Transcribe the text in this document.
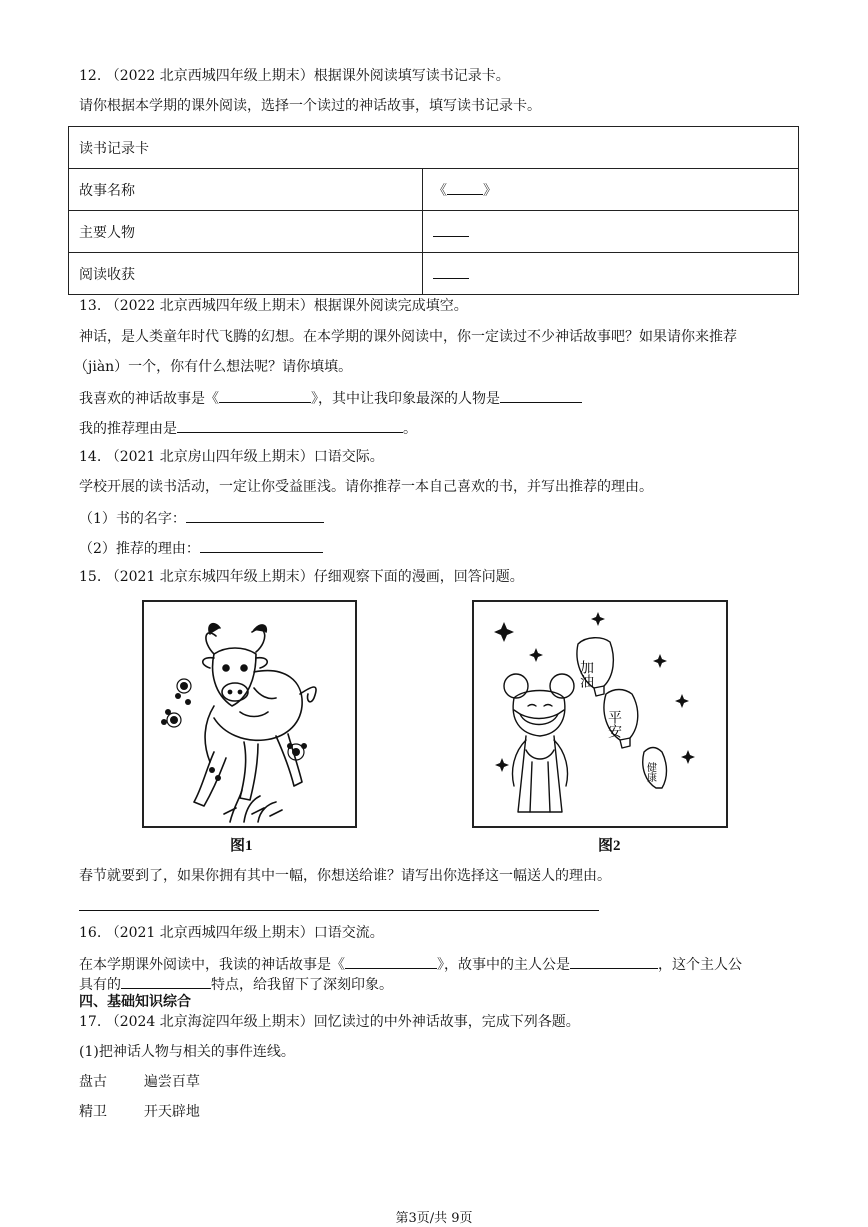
12. （2022 北京西城四年级上期末）根据课外阅读填写读书记录卡。
请你根据本学期的课外阅读，选择一个读过的神话故事，填写读书记录卡。
读书记录卡	
故事名称	《 》
主要人物	
阅读收获	
13. （2022 北京西城四年级上期末）根据课外阅读完成填空。
神话，是人类童年时代飞腾的幻想。在本学期的课外阅读中，你一定读过不少神话故事吧？如果请你来推荐
（jiàn）一个，你有什么想法呢？请你填填。
我喜欢的神话故事是《	》，其中让我印象最深的人物是
我的推荐理由是	。
14. （2021 北京房山四年级上期末）口语交际。
学校开展的读书活动，一定让你受益匪浅。请你推荐一本自己喜欢的书，并写出推荐的理由。
（1）书的名字：
（2）推荐的理由：
15. （2021 北京东城四年级上期末）仔细观察下面的漫画，回答问题。
图1
加油
平安
健康
图2
春节就要到了，如果你拥有其中一幅，你想送给谁？请写出你选择这一幅送人的理由。
16. （2021 北京西城四年级上期末）口语交流。
在本学期课外阅读中，我读的神话故事是《	》，故事中的主人公是	，这个主人公
具有的	特点，给我留下了深刻印象。
四、基础知识综合
17. （2024 北京海淀四年级上期末）回忆读过的中外神话故事，完成下列各题。
(1)把神话人物与相关的事件连线。
盘古	遍尝百草
精卫	开天辟地
第3页/共 9页
